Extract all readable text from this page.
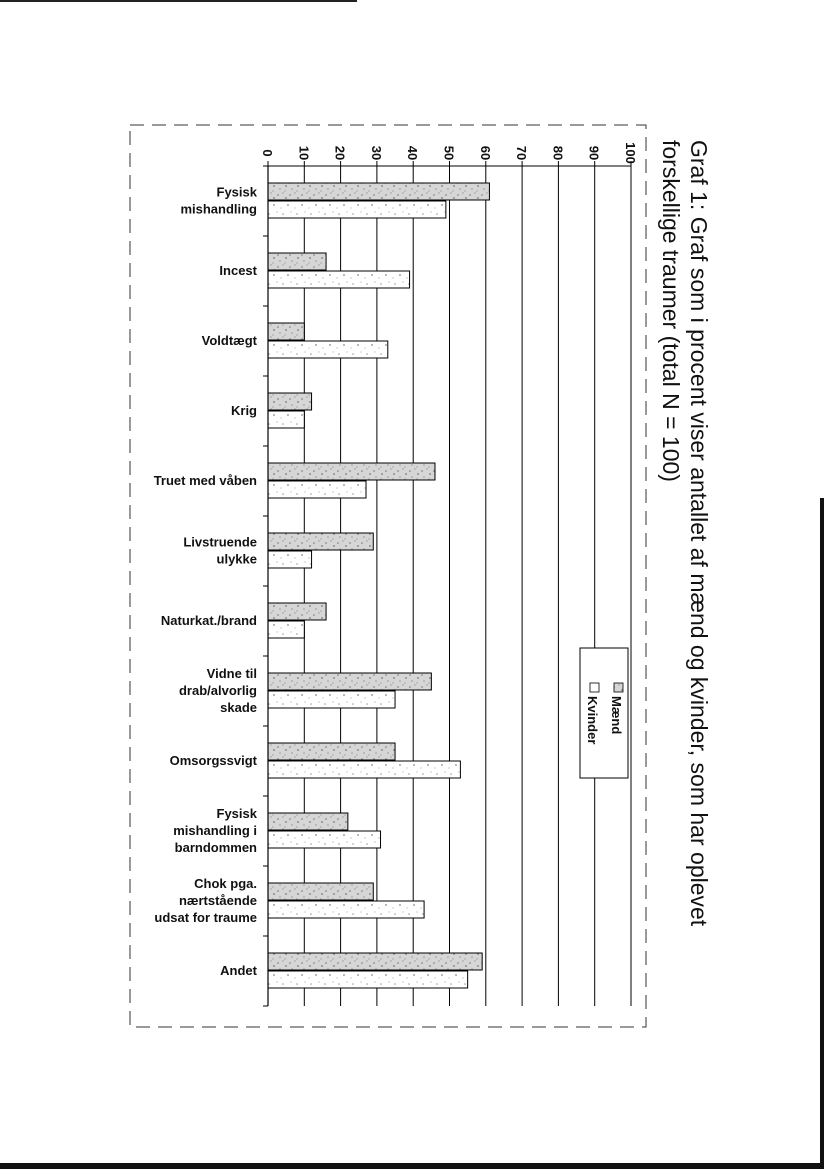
Graf 1: Graf som i procent viser antallet af mænd og kvinder, som har oplevet
forskellige traumer (total N = 100)
0 10 20 30 40 50 60 70 80 90 100
Fysisk
mishandling
Incest
Voldtægt
Krig
Truet med våben
Livstruende
ulykke
Naturkat./brand
Vidne til
drab/alvorlig
skade
Omsorgssvigt
Fysisk
mishandling i
barndommen
Chok pga.
nærtstående
udsat for traume
Andet
Mænd
Kvinder
